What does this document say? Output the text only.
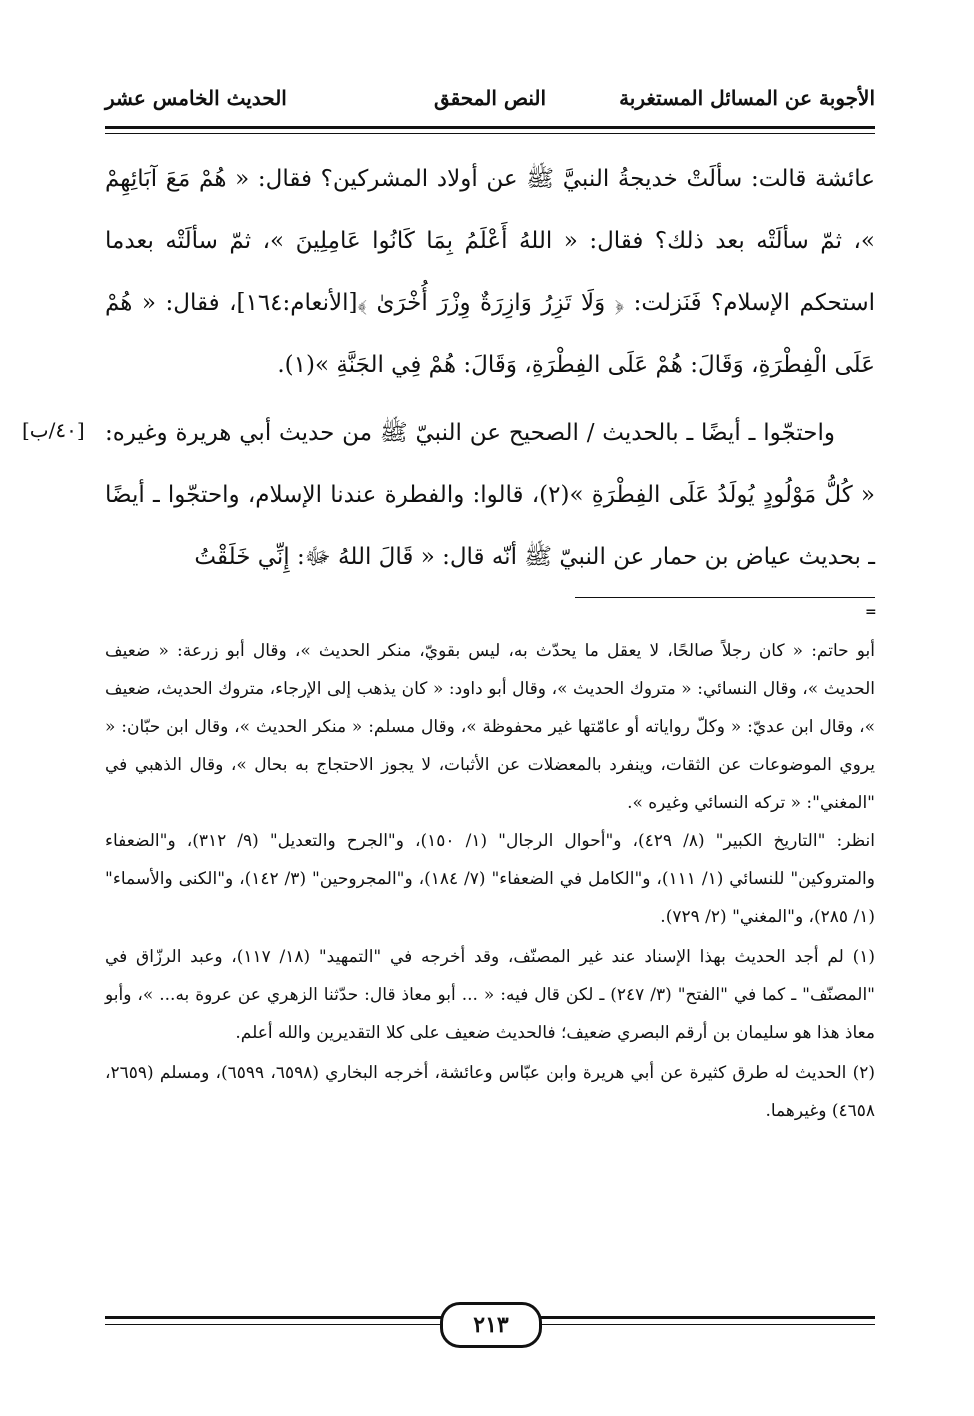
الأجوبة عن المسائل المستغربة
النص المحقق
الحديث الخامس عشر

عائشة قالت: سألَتْ خديجةُ النبيَّ ﷺ عن أولاد المشركين؟ فقال: « هُمْ مَعَ آبَائِهِمْ »، ثمّ سألَتْه بعد ذلك؟ فقال: « اللهُ أَعْلَمُ بِمَا كَانُوا عَامِلِينَ »، ثمّ سألَتْه بعدما استحكم الإسلام؟ فَنَزلت: ﴿ وَلَا تَزِرُ وَازِرَةٌ وِزْرَ أُخْرَىٰ ﴾[الأنعام:١٦٤]، فقال: « هُمْ عَلَى الْفِطْرَةِ، وَقَالَ: هُمْ عَلَى الفِطْرَةِ، وَقَالَ: هُمْ فِي الجَنَّةِ »(١).

واحتجّوا ـ أيضًا ـ بالحديث / الصحيح عن النبيّ ﷺ من حديث أبي هريرة وغيره: « كُلُّ مَوْلُودٍ يُولَدُ عَلَى الفِطْرَةِ »(٢)، قالوا: والفطرة عندنا الإسلام، واحتجّوا ـ أيضًا ـ بحديث عياض بن حمار عن النبيّ ﷺ أنّه قال: « قَالَ اللهُ ﷻ: إِنِّي خَلَقْتُ

[٤٠/ب]
=

أبو حاتم: « كان رجلاً صالحًا، لا يعقل ما يحدّث به، ليس بقويّ، منكر الحديث »، وقال أبو زرعة: « ضعيف الحديث »، وقال النسائي: « متروك الحديث »، وقال أبو داود: « كان يذهب إلى الإرجاء، متروك الحديث، ضعيف »، وقال ابن عديّ: « وكلّ رواياته أو عامّتها غير محفوظة »، وقال مسلم: « منكر الحديث »، وقال ابن حبّان: « يروي الموضوعات عن الثقات، وينفرد بالمعضلات عن الأثبات، لا يجوز الاحتجاج به بحال »، وقال الذهبي في "المغني": « تركه النسائي وغيره ».

انظر: "التاريخ الكبير" (٨/ ٤٢٩)، و"أحوال الرجال" (١/ ١٥٠)، و"الجرح والتعديل" (٩/ ٣١٢)، و"الضعفاء والمتروكين" للنسائي (١/ ١١١)، و"الكامل في الضعفاء" (٧/ ١٨٤)، و"المجروحين" (٣/ ١٤٢)، و"الكنى والأسماء" (١/ ٢٨٥)، و"المغني" (٢/ ٧٢٩).

(١) لم أجد الحديث بهذا الإسناد عند غير المصنّف، وقد أخرجه في "التمهيد" (١٨/ ١١٧)، وعبد الرزّاق في "المصنّف" ـ كما في "الفتح" (٣/ ٢٤٧) ـ لكن قال فيه: « ... أبو معاذ قال: حدّثنا الزهري عن عروة به... »، وأبو معاذ هذا هو سليمان بن أرقم البصري ضعيف؛ فالحديث ضعيف على كلا التقديرين والله أعلم.

(٢) الحديث له طرق كثيرة عن أبي هريرة وابن عبّاس وعائشة، أخرجه البخاري (٦٥٩٨، ٦٥٩٩)، ومسلم (٢٦٥٩، ٤٦٥٨) وغيرهما.

٢١٣
